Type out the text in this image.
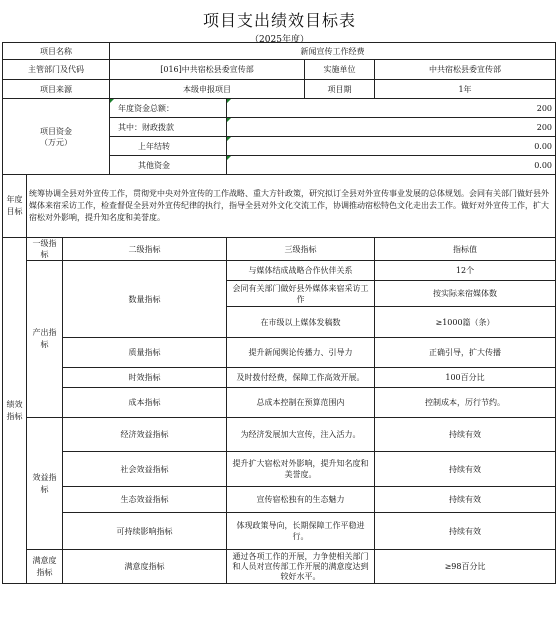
项目支出绩效目标表
（2025年度）
项目名称			新闻宣传工作经费			
主管部门及代码			[016]中共宿松县委宣传部		实施单位	中共宿松县委宣传部
项目来源			本级申报项目		项目期	1年
项目资金
（万元）			年度资金总额：	200		
			其中：财政拨款	200		
			上年结转	0.00		
			其他资金	0.00		
年度目标	统筹协调全县对外宣传工作，贯彻党中央对外宣传的工作战略、重大方针政策，研究拟订全县对外宣传事业发展的总体规划。会同有关部门做好县外媒体来宿采访工作，检查督促全县对外宣传纪律的执行，指导全县对外文化交流工作，协调推动宿松特色文化走出去工作。做好对外宣传工作，扩大宿松对外影响，提升知名度和美誉度。					
绩效指标	一级指标	二级指标		三级指标		指标值
	产出指标	数量指标		与媒体结成战略合作伙伴关系		12个
				会同有关部门做好县外媒体来宿采访工作		按实际来宿媒体数
				在市级以上媒体发稿数		≥1000篇（条）
		质量指标		提升新闻舆论传播力、引导力		正确引导，扩大传播
		时效指标		及时拨付经费，保障工作高效开展。		100百分比
		成本指标		总成本控制在预算范围内		控制成本，厉行节约。
	效益指标	经济效益指标		为经济发展加大宣传，注入活力。		持续有效
		社会效益指标		提升扩大宿松对外影响，提升知名度和美誉度。		持续有效
		生态效益指标		宣传宿松独有的生态魅力		持续有效
		可持续影响指标		体现政策导向，长期保障工作平稳进行。		持续有效
	满意度指标	满意度指标		通过各项工作的开展，力争使相关部门和人员对宣传部工作开展的满意度达到较好水平。		≥98百分比
